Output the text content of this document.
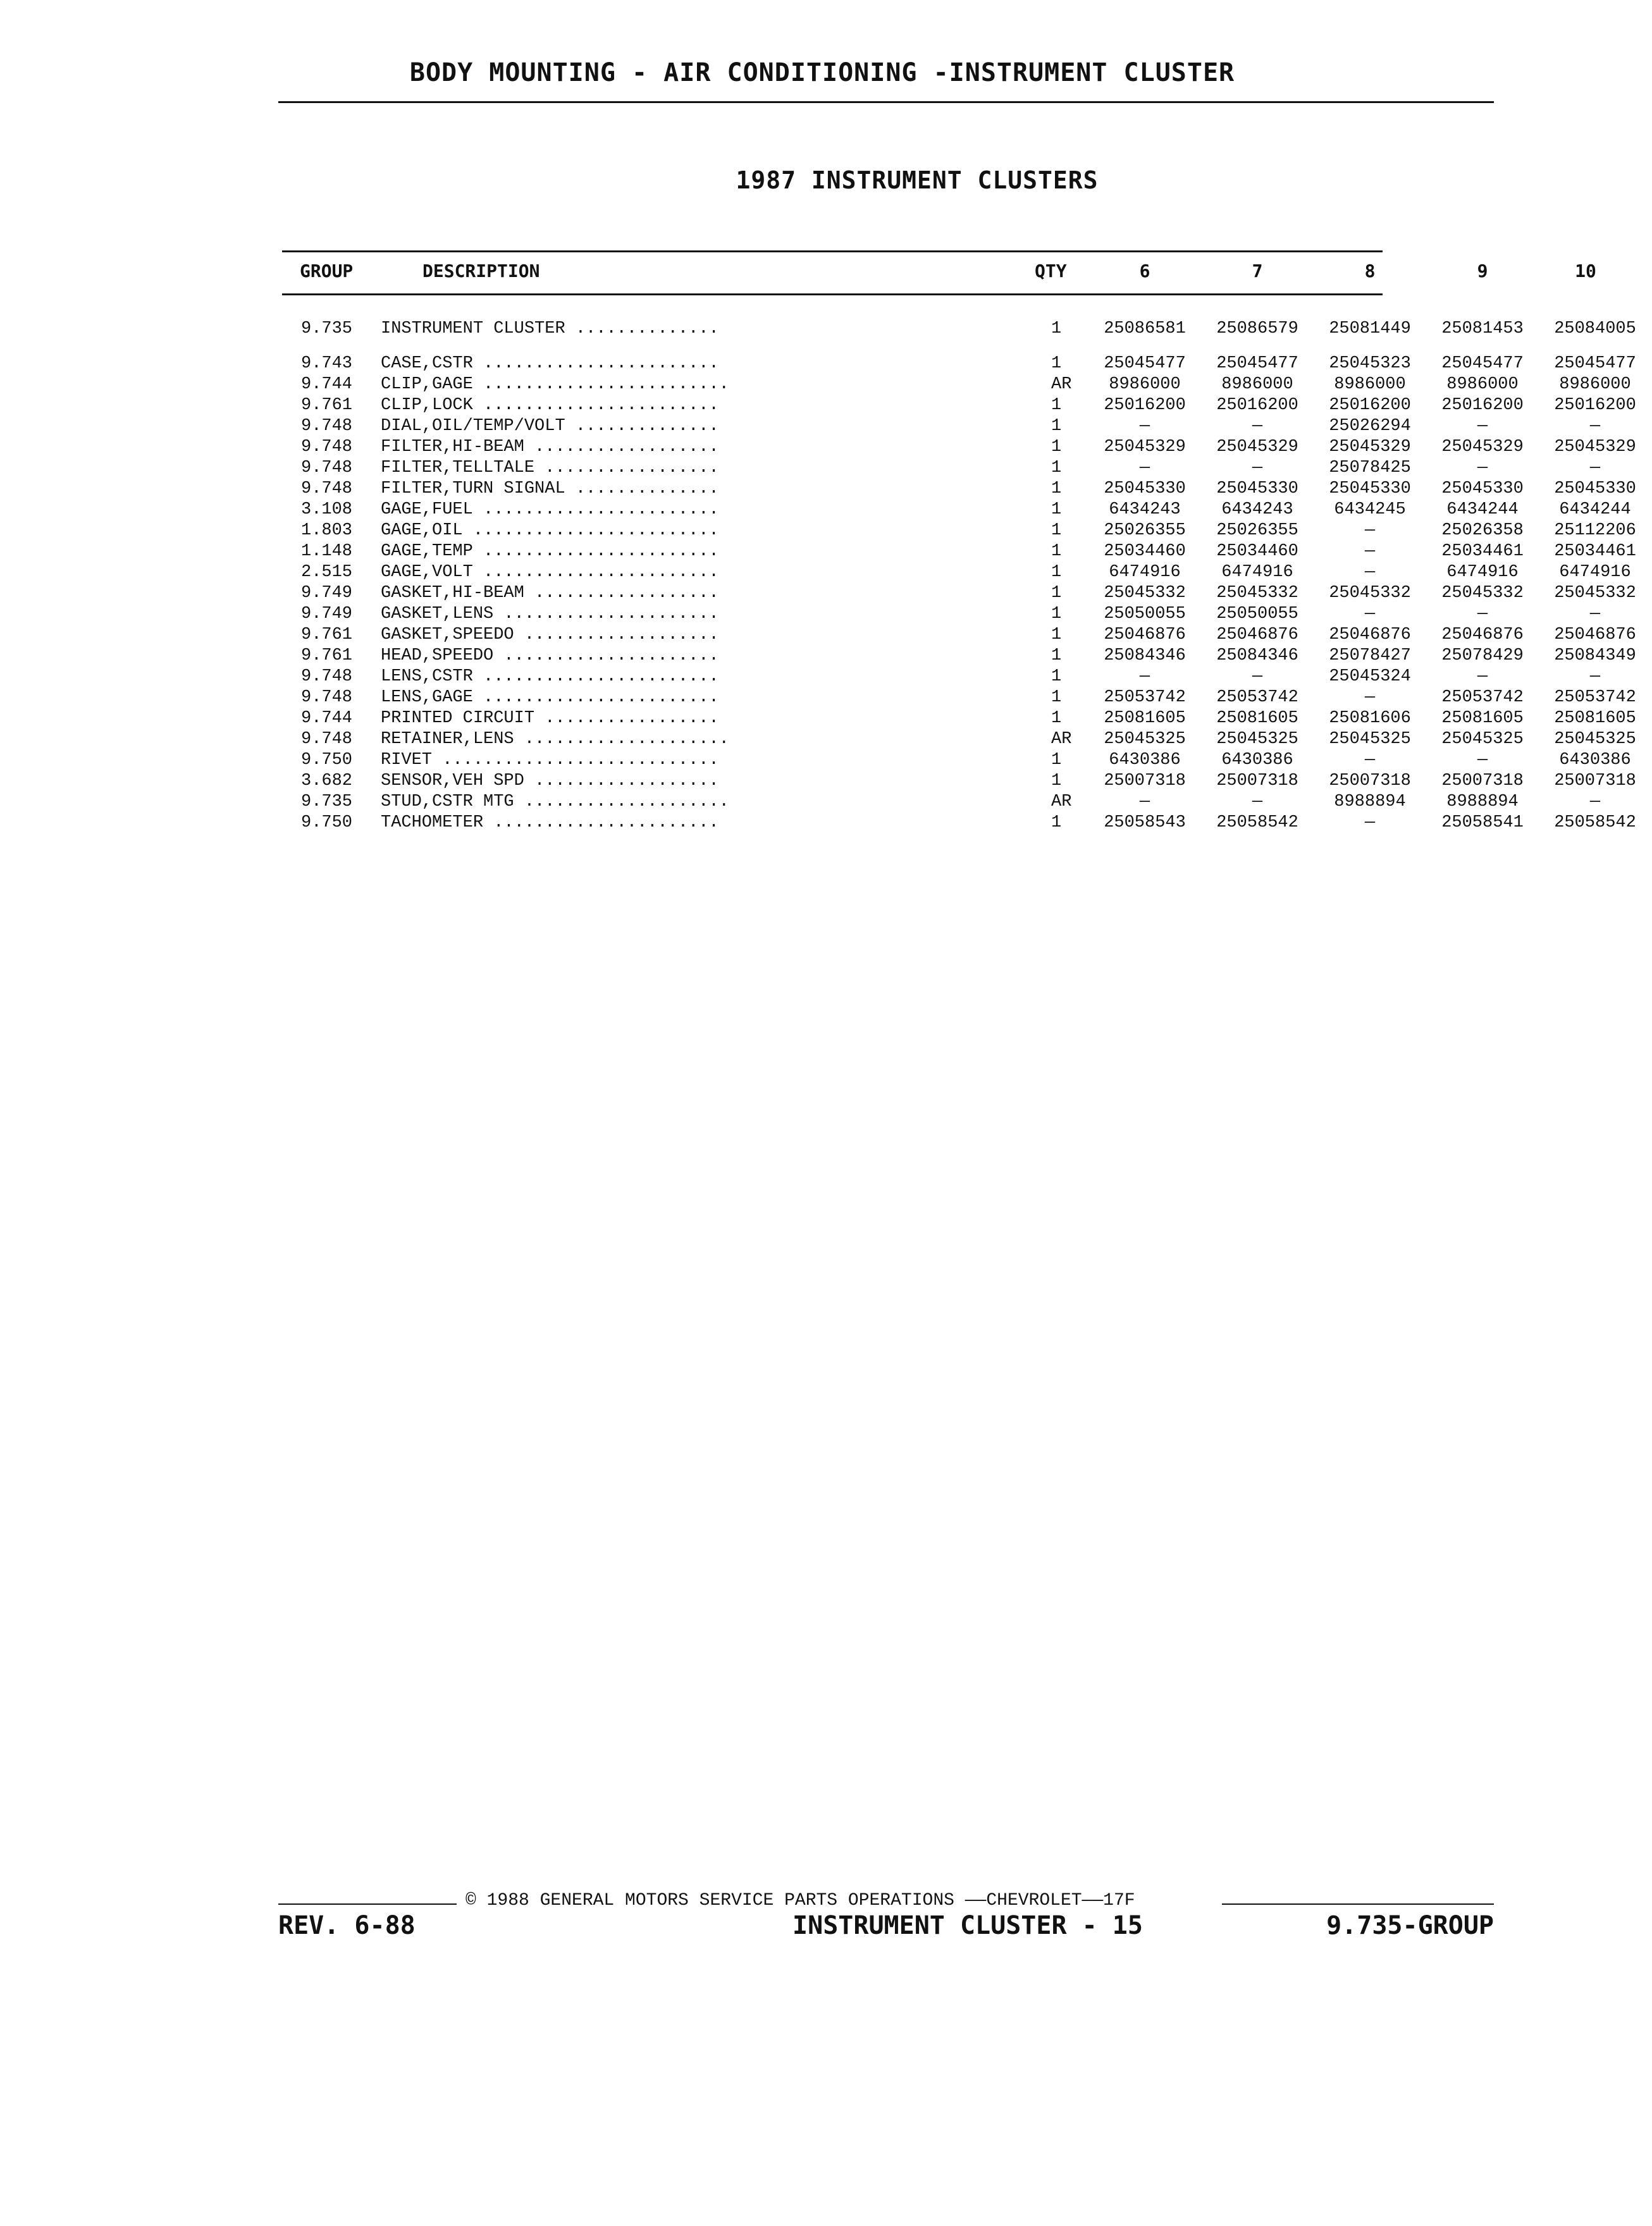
BODY MOUNTING - AIR CONDITIONING -INSTRUMENT CLUSTER
1987 INSTRUMENT CLUSTERS
GROUP	DESCRIPTION	QTY	6	7	8	9	10
9.735	INSTRUMENT CLUSTER ..............	1	25086581	25086579	25081449	25081453	25084005
9.743	CASE,CSTR .......................	1	25045477	25045477	25045323	25045477	25045477
9.744	CLIP,GAGE ........................	AR	8986000	8986000	8986000	8986000	8986000
9.761	CLIP,LOCK .......................	1	25016200	25016200	25016200	25016200	25016200
9.748	DIAL,OIL/TEMP/VOLT ..............	1	—	—	25026294	—	—
9.748	FILTER,HI-BEAM ..................	1	25045329	25045329	25045329	25045329	25045329
9.748	FILTER,TELLTALE .................	1	—	—	25078425	—	—
9.748	FILTER,TURN SIGNAL ..............	1	25045330	25045330	25045330	25045330	25045330
3.108	GAGE,FUEL .......................	1	6434243	6434243	6434245	6434244	6434244
1.803	GAGE,OIL ........................	1	25026355	25026355	—	25026358	25112206
1.148	GAGE,TEMP .......................	1	25034460	25034460	—	25034461	25034461
2.515	GAGE,VOLT .......................	1	6474916	6474916	—	6474916	6474916
9.749	GASKET,HI-BEAM ..................	1	25045332	25045332	25045332	25045332	25045332
9.749	GASKET,LENS .....................	1	25050055	25050055	—	—	—
9.761	GASKET,SPEEDO ...................	1	25046876	25046876	25046876	25046876	25046876
9.761	HEAD,SPEEDO .....................	1	25084346	25084346	25078427	25078429	25084349
9.748	LENS,CSTR .......................	1	—	—	25045324	—	—
9.748	LENS,GAGE .......................	1	25053742	25053742	—	25053742	25053742
9.744	PRINTED CIRCUIT .................	1	25081605	25081605	25081606	25081605	25081605
9.748	RETAINER,LENS ....................	AR	25045325	25045325	25045325	25045325	25045325
9.750	RIVET ...........................	1	6430386	6430386	—	—	6430386
3.682	SENSOR,VEH SPD ..................	1	25007318	25007318	25007318	25007318	25007318
9.735	STUD,CSTR MTG ....................	AR	—	—	8988894	8988894	—
9.750	TACHOMETER ......................	1	25058543	25058542	—	25058541	25058542
© 1988 GENERAL MOTORS SERVICE PARTS OPERATIONS ——CHEVROLET——17F
REV. 6-88	INSTRUMENT CLUSTER - 15	9.735-GROUP
